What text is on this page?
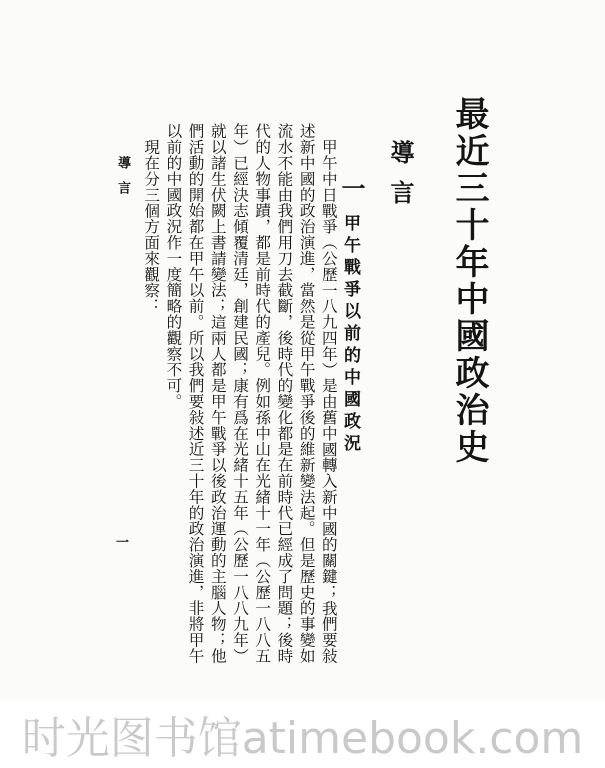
最近三十年中國政治史
導言
一
甲午戰爭以前的中國政況

甲午中日戰爭（公歷一八九四年）是由舊中國轉入新中國的關鍵；我們要敍述新中國的政治演進，當然是從甲午戰爭後的維新變法起。但是歷史的事變如流水不能由我們用刀去截斷，後時代的變化都是在前時代已經成了問題；後時代的人物事蹟，都是前時代的產兒。例如孫中山在光緒十一年（公歷一八八五年）已經決志傾覆清廷，創建民國；康有爲在光緒十五年（公歷一八八九年）就以諸生伏闕上書請變法；這兩人都是甲午戰爭以後政治運動的主腦人物；他們活動的開始都在甲午以前。所以我們要敍述近三十年的政治演進，非將甲午以前的中國政況作一度簡略的觀察不可。

現在分三個方面來觀察：

導言
一
时光图书馆atimebook.com
